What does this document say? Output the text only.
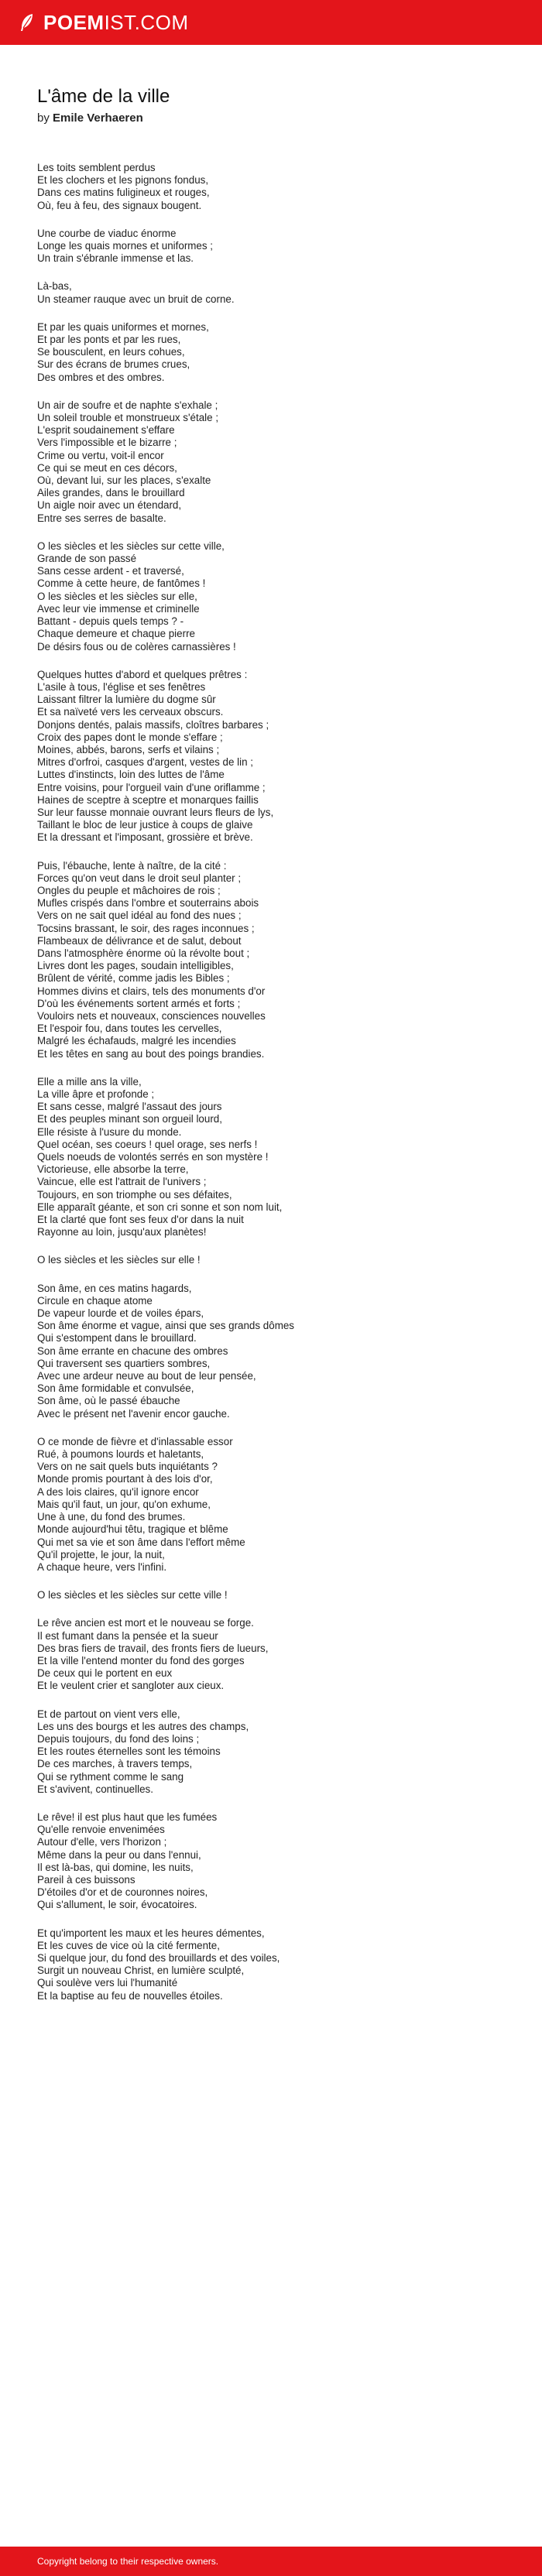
POEMIST.COM
L'âme de la ville
by Emile Verhaeren
Les toits semblent perdus
Et les clochers et les pignons fondus,
Dans ces matins fuligineux et rouges,
Où, feu à feu, des signaux bougent.
Une courbe de viaduc énorme
Longe les quais mornes et uniformes ;
Un train s'ébranle immense et las.
Là-bas,
Un steamer rauque avec un bruit de corne.
Et par les quais uniformes et mornes,
Et par les ponts et par les rues,
Se bousculent, en leurs cohues,
Sur des écrans de brumes crues,
Des ombres et des ombres.
Un air de soufre et de naphte s'exhale ;
Un soleil trouble et monstrueux s'étale ;
L'esprit soudainement s'effare
Vers l'impossible et le bizarre ;
Crime ou vertu, voit-il encor
Ce qui se meut en ces décors,
Où, devant lui, sur les places, s'exalte
Ailes grandes, dans le brouillard
Un aigle noir avec un étendard,
Entre ses serres de basalte.
O les siècles et les siècles sur cette ville,
Grande de son passé
Sans cesse ardent - et traversé,
Comme à cette heure, de fantômes !
O les siècles et les siècles sur elle,
Avec leur vie immense et criminelle
Battant - depuis quels temps ? -
Chaque demeure et chaque pierre
De désirs fous ou de colères carnassières !
Quelques huttes d'abord et quelques prêtres :
L'asile à tous, l'église et ses fenêtres
Laissant filtrer la lumière du dogme sûr
Et sa naïveté vers les cerveaux obscurs.
Donjons dentés, palais massifs, cloîtres barbares ;
Croix des papes dont le monde s'effare ;
Moines, abbés, barons, serfs et vilains ;
Mitres d'orfroi, casques d'argent, vestes de lin ;
Luttes d'instincts, loin des luttes de l'âme
Entre voisins, pour l'orgueil vain d'une oriflamme ;
Haines de sceptre à sceptre et monarques faillis
Sur leur fausse monnaie ouvrant leurs fleurs de lys,
Taillant le bloc de leur justice à coups de glaive
Et la dressant et l'imposant, grossière et brève.
Puis, l'ébauche, lente à naître, de la cité :
Forces qu'on veut dans le droit seul planter ;
Ongles du peuple et mâchoires de rois ;
Mufles crispés dans l'ombre et souterrains abois
Vers on ne sait quel idéal au fond des nues ;
Tocsins brassant, le soir, des rages inconnues ;
Flambeaux de délivrance et de salut, debout
Dans l'atmosphère énorme où la révolte bout ;
Livres dont les pages, soudain intelligibles,
Brûlent de vérité, comme jadis les Bibles ;
Hommes divins et clairs, tels des monuments d'or
D'où les événements sortent armés et forts ;
Vouloirs nets et nouveaux, consciences nouvelles
Et l'espoir fou, dans toutes les cervelles,
Malgré les échafauds, malgré les incendies
Et les têtes en sang au bout des poings brandies.
Elle a mille ans la ville,
La ville âpre et profonde ;
Et sans cesse, malgré l'assaut des jours
Et des peuples minant son orgueil lourd,
Elle résiste à l'usure du monde.
Quel océan, ses coeurs ! quel orage, ses nerfs !
Quels noeuds de volontés serrés en son mystère !
Victorieuse, elle absorbe la terre,
Vaincue, elle est l'attrait de l'univers ;
Toujours, en son triomphe ou ses défaites,
Elle apparaît géante, et son cri sonne et son nom luit,
Et la clarté que font ses feux d'or dans la nuit
Rayonne au loin, jusqu'aux planètes!
O les siècles et les siècles sur elle !
Son âme, en ces matins hagards,
Circule en chaque atome
De vapeur lourde et de voiles épars,
Son âme énorme et vague, ainsi que ses grands dômes
Qui s'estompent dans le brouillard.
Son âme errante en chacune des ombres
Qui traversent ses quartiers sombres,
Avec une ardeur neuve au bout de leur pensée,
Son âme formidable et convulsée,
Son âme, où le passé ébauche
Avec le présent net l'avenir encor gauche.
O ce monde de fièvre et d'inlassable essor
Rué, à poumons lourds et haletants,
Vers on ne sait quels buts inquiétants ?
Monde promis pourtant à des lois d'or,
A des lois claires, qu'il ignore encor
Mais qu'il faut, un jour, qu'on exhume,
Une à une, du fond des brumes.
Monde aujourd'hui têtu, tragique et blême
Qui met sa vie et son âme dans l'effort même
Qu'il projette, le jour, la nuit,
A chaque heure, vers l'infini.
O les siècles et les siècles sur cette ville !
Le rêve ancien est mort et le nouveau se forge.
Il est fumant dans la pensée et la sueur
Des bras fiers de travail, des fronts fiers de lueurs,
Et la ville l'entend monter du fond des gorges
De ceux qui le portent en eux
Et le veulent crier et sangloter aux cieux.
Et de partout on vient vers elle,
Les uns des bourgs et les autres des champs,
Depuis toujours, du fond des loins ;
Et les routes éternelles sont les témoins
De ces marches, à travers temps,
Qui se rythment comme le sang
Et s'avivent, continuelles.
Le rêve! il est plus haut que les fumées
Qu'elle renvoie envenimées
Autour d'elle, vers l'horizon ;
Même dans la peur ou dans l'ennui,
Il est là-bas, qui domine, les nuits,
Pareil à ces buissons
D'étoiles d'or et de couronnes noires,
Qui s'allument, le soir, évocatoires.
Et qu'importent les maux et les heures démentes,
Et les cuves de vice où la cité fermente,
Si quelque jour, du fond des brouillards et des voiles,
Surgit un nouveau Christ, en lumière sculpté,
Qui soulève vers lui l'humanité
Et la baptise au feu de nouvelles étoiles.
Copyright belong to their respective owners.
